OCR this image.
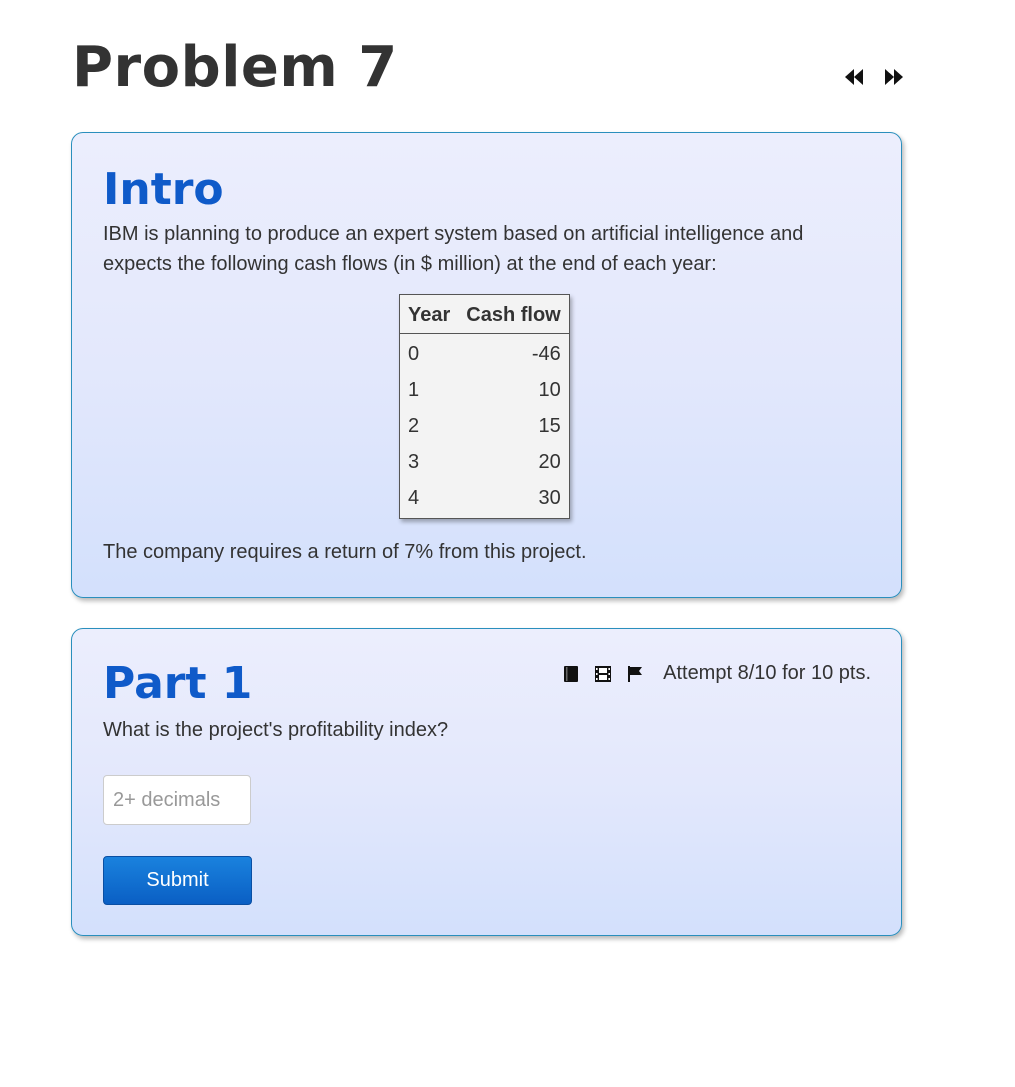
Problem 7
Intro

IBM is planning to produce an expert system based on artificial intelligence and expects the following cash flows (in $ million) at the end of each year:

Year	Cash flow
0	-46
1	10
2	15
3	20
4	30

The company requires a return of 7% from this project.

Part 1	Attempt 8/10 for 10 pts.

What is the project's profitability index?

2+ decimals
Submit
